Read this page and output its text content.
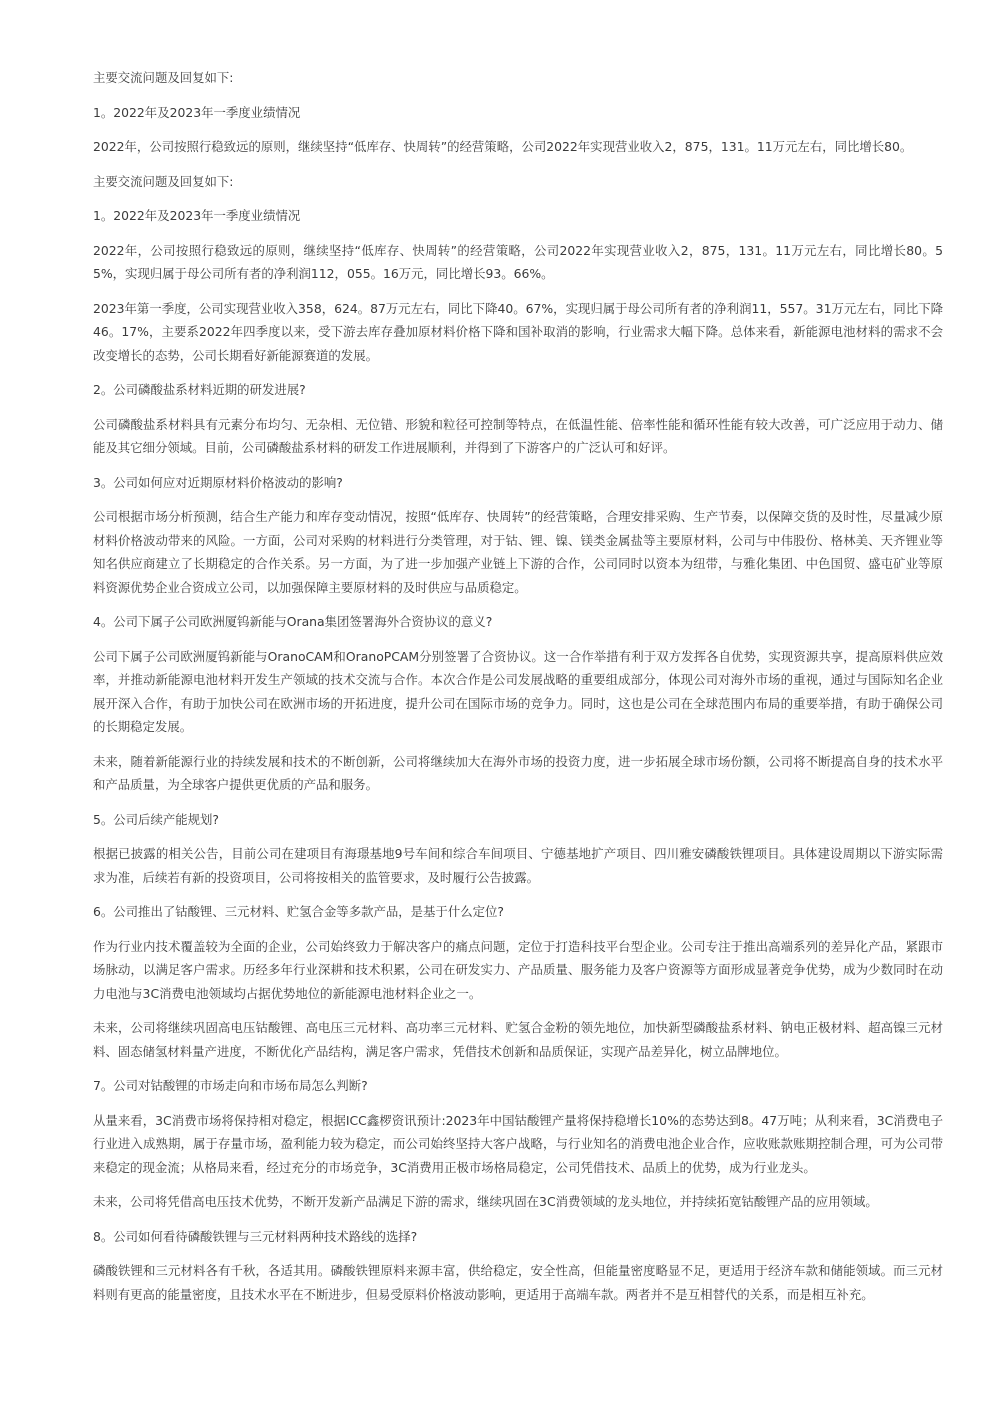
主要交流问题及回复如下:

1。2022年及2023年一季度业绩情况

2022年，公司按照行稳致远的原则，继续坚持“低库存、快周转”的经营策略，公司2022年实现营业收入2，875，131。11万元左右，同比增长80。

主要交流问题及回复如下:

1。2022年及2023年一季度业绩情况

2022年，公司按照行稳致远的原则，继续坚持“低库存、快周转”的经营策略，公司2022年实现营业收入2，875，131。11万元左右，同比增长80。55%，实现归属于母公司所有者的净利润112，055。16万元，同比增长93。66%。

2023年第一季度，公司实现营业收入358，624。87万元左右，同比下降40。67%，实现归属于母公司所有者的净利润11，557。31万元左右，同比下降46。17%，主要系2022年四季度以来，受下游去库存叠加原材料价格下降和国补取消的影响，行业需求大幅下降。总体来看，新能源电池材料的需求不会改变增长的态势，公司长期看好新能源赛道的发展。

2。公司磷酸盐系材料近期的研发进展?

公司磷酸盐系材料具有元素分布均匀、无杂相、无位错、形貌和粒径可控制等特点，在低温性能、倍率性能和循环性能有较大改善，可广泛应用于动力、储能及其它细分领域。目前，公司磷酸盐系材料的研发工作进展顺利，并得到了下游客户的广泛认可和好评。

3。公司如何应对近期原材料价格波动的影响?

公司根据市场分析预测，结合生产能力和库存变动情况，按照“低库存、快周转”的经营策略，合理安排采购、生产节奏，以保障交货的及时性，尽量减少原材料价格波动带来的风险。一方面，公司对采购的材料进行分类管理，对于钴、锂、镍、镁类金属盐等主要原材料，公司与中伟股份、格林美、天齐锂业等知名供应商建立了长期稳定的合作关系。另一方面，为了进一步加强产业链上下游的合作，公司同时以资本为纽带，与雅化集团、中色国贸、盛屯矿业等原料资源优势企业合资成立公司，以加强保障主要原材料的及时供应与品质稳定。

4。公司下属子公司欧洲厦钨新能与Orana集团签署海外合资协议的意义?

公司下属子公司欧洲厦钨新能与OranoCAM和OranoPCAM分别签署了合资协议。这一合作举措有利于双方发挥各自优势，实现资源共享，提高原料供应效率，并推动新能源电池材料开发生产领域的技术交流与合作。本次合作是公司发展战略的重要组成部分，体现公司对海外市场的重视，通过与国际知名企业展开深入合作，有助于加快公司在欧洲市场的开拓进度，提升公司在国际市场的竞争力。同时，这也是公司在全球范围内布局的重要举措，有助于确保公司的长期稳定发展。

未来，随着新能源行业的持续发展和技术的不断创新，公司将继续加大在海外市场的投资力度，进一步拓展全球市场份额，公司将不断提高自身的技术水平和产品质量，为全球客户提供更优质的产品和服务。

5。公司后续产能规划?

根据已披露的相关公告，目前公司在建项目有海璟基地9号车间和综合车间项目、宁德基地扩产项目、四川雅安磷酸铁锂项目。具体建设周期以下游实际需求为准，后续若有新的投资项目，公司将按相关的监管要求，及时履行公告披露。

6。公司推出了钴酸锂、三元材料、贮氢合金等多款产品，是基于什么定位?

作为行业内技术覆盖较为全面的企业，公司始终致力于解决客户的痛点问题，定位于打造科技平台型企业。公司专注于推出高端系列的差异化产品，紧跟市场脉动，以满足客户需求。历经多年行业深耕和技术积累，公司在研发实力、产品质量、服务能力及客户资源等方面形成显著竞争优势，成为少数同时在动力电池与3C消费电池领域均占据优势地位的新能源电池材料企业之一。

未来，公司将继续巩固高电压钴酸锂、高电压三元材料、高功率三元材料、贮氢合金粉的领先地位，加快新型磷酸盐系材料、钠电正极材料、超高镍三元材料、固态储氢材料量产进度，不断优化产品结构，满足客户需求，凭借技术创新和品质保证，实现产品差异化，树立品牌地位。

7。公司对钴酸锂的市场走向和市场布局怎么判断?

从量来看，3C消费市场将保持相对稳定，根据ICC鑫椤资讯预计:2023年中国钴酸锂产量将保持稳增长10%的态势达到8。47万吨；从利来看，3C消费电子行业进入成熟期，属于存量市场，盈利能力较为稳定，而公司始终坚持大客户战略，与行业知名的消费电池企业合作，应收账款账期控制合理，可为公司带来稳定的现金流；从格局来看，经过充分的市场竞争，3C消费用正极市场格局稳定，公司凭借技术、品质上的优势，成为行业龙头。

未来，公司将凭借高电压技术优势，不断开发新产品满足下游的需求，继续巩固在3C消费领域的龙头地位，并持续拓宽钴酸锂产品的应用领域。

8。公司如何看待磷酸铁锂与三元材料两种技术路线的选择?

磷酸铁锂和三元材料各有千秋，各适其用。磷酸铁锂原料来源丰富，供给稳定，安全性高，但能量密度略显不足，更适用于经济车款和储能领域。而三元材料则有更高的能量密度，且技术水平在不断进步，但易受原料价格波动影响，更适用于高端车款。两者并不是互相替代的关系，而是相互补充。
